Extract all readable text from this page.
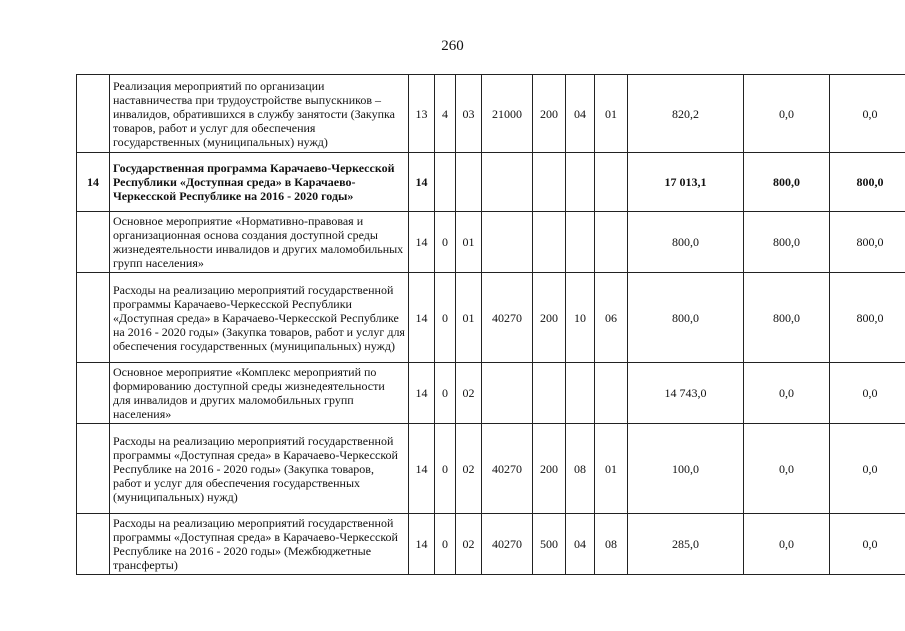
260
	Реализация мероприятий по организации наставничества при трудоустройстве выпускников – инвалидов, обратившихся в службу занятости (Закупка товаров, работ и услуг для обеспечения государственных (муниципальных) нужд)	13	4	03	21000	200	04	01	820,2	0,0	0,0
14	Государственная программа Карачаево-Черкесской Республики «Доступная среда» в Карачаево-Черкесской Республике на 2016 - 2020 годы»	14							17 013,1	800,0	800,0
	Основное мероприятие «Нормативно-правовая и организационная основа создания доступной среды жизнедеятельности инвалидов и других маломобильных групп населения»	14	0	01					800,0	800,0	800,0
	Расходы на реализацию мероприятий государственной программы Карачаево-Черкесской Республики «Доступная среда» в Карачаево-Черкесской Республике на 2016 - 2020 годы» (Закупка товаров, работ и услуг для обеспечения государственных (муниципальных) нужд)	14	0	01	40270	200	10	06	800,0	800,0	800,0
	Основное мероприятие «Комплекс мероприятий по формированию доступной среды жизнедеятельности для инвалидов и других маломобильных групп населения»	14	0	02					14 743,0	0,0	0,0
	Расходы на реализацию мероприятий государственной программы «Доступная среда» в Карачаево-Черкесской Республике на 2016 - 2020 годы» (Закупка товаров, работ и услуг для обеспечения государственных (муниципальных) нужд)	14	0	02	40270	200	08	01	100,0	0,0	0,0
	Расходы на реализацию мероприятий государственной программы «Доступная среда» в Карачаево-Черкесской Республике на 2016 - 2020 годы» (Межбюджетные трансферты)	14	0	02	40270	500	04	08	285,0	0,0	0,0
